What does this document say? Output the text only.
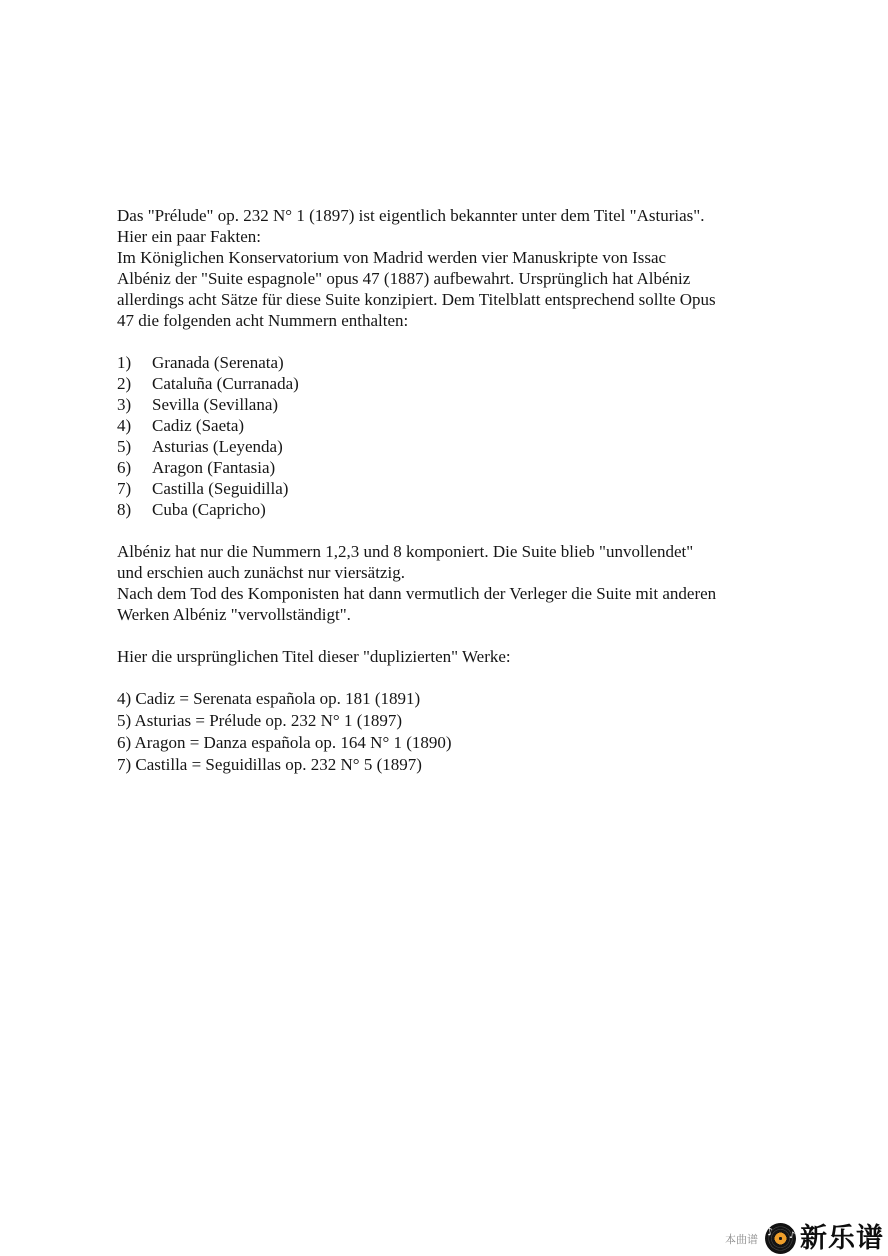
Das "Prélude" op. 232 N° 1 (1897) ist eigentlich bekannter unter dem Titel "Asturias".
Hier ein paar Fakten:
Im Königlichen Konservatorium von Madrid werden vier Manuskripte von Issac
Albéniz der "Suite espagnole" opus 47 (1887) aufbewahrt. Ursprünglich hat Albéniz
allerdings acht Sätze für diese Suite konzipiert. Dem Titelblatt entsprechend sollte Opus
47 die folgenden acht Nummern enthalten:
1) Granada (Serenata)
2) Cataluña (Curranada)
3) Sevilla (Sevillana)
4) Cadiz (Saeta)
5) Asturias (Leyenda)
6) Aragon (Fantasia)
7) Castilla (Seguidilla)
8) Cuba (Capricho)
Albéniz hat nur die Nummern 1,2,3 und 8 komponiert. Die Suite blieb "unvollendet"
und erschien auch zunächst nur viersätzig.
Nach dem Tod des Komponisten hat dann vermutlich der Verleger die Suite mit anderen
Werken Albéniz "vervollständigt".
Hier die ursprünglichen Titel dieser "duplizierten" Werke:
4) Cadiz = Serenata española op. 181 (1891)
5) Asturias = Prélude op. 232 N° 1 (1897)
6) Aragon = Danza española op. 164 N° 1 (1890)
7) Castilla = Seguidillas op. 232 N° 5 (1897)
本曲谱
♪ ♪ 新乐谱
